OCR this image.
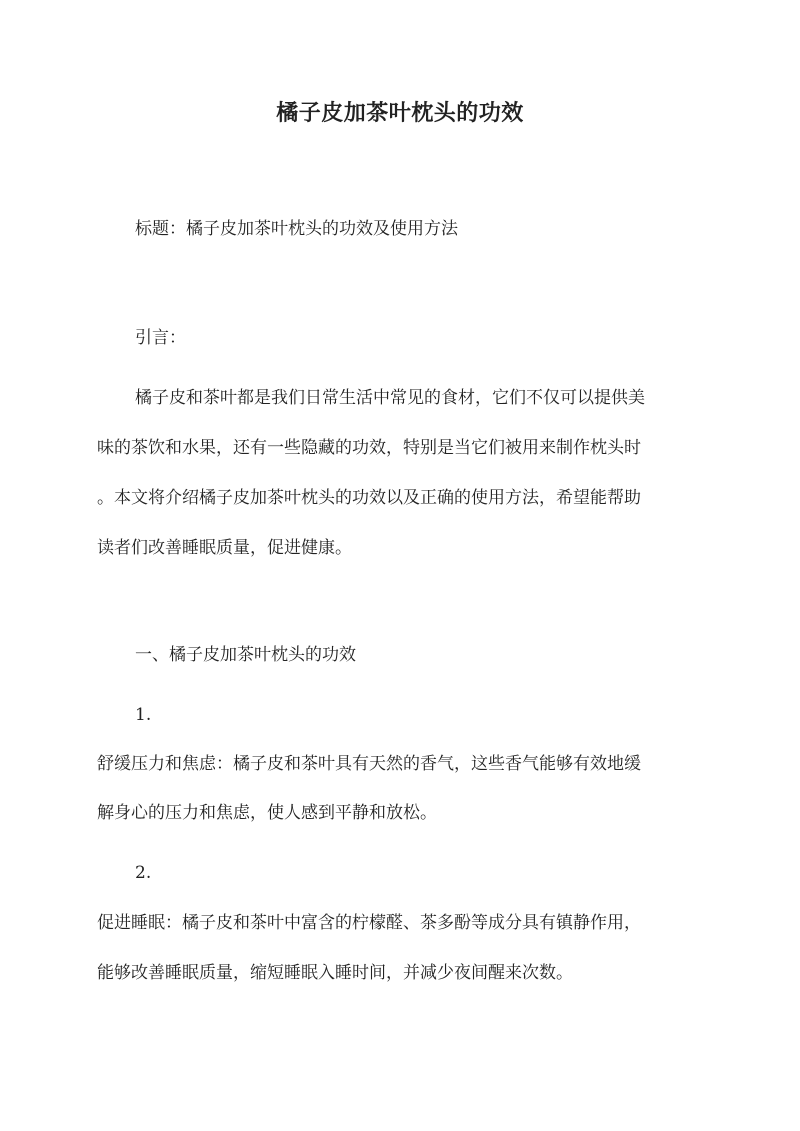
橘子皮加茶叶枕头的功效
标题：橘子皮加茶叶枕头的功效及使用方法
引言：
橘子皮和茶叶都是我们日常生活中常见的食材，它们不仅可以提供美
味的茶饮和水果，还有一些隐藏的功效，特别是当它们被用来制作枕头时
。本文将介绍橘子皮加茶叶枕头的功效以及正确的使用方法，希望能帮助
读者们改善睡眠质量，促进健康。
一、橘子皮加茶叶枕头的功效
1.
舒缓压力和焦虑：橘子皮和茶叶具有天然的香气，这些香气能够有效地缓
解身心的压力和焦虑，使人感到平静和放松。
2.
促进睡眠：橘子皮和茶叶中富含的柠檬醛、茶多酚等成分具有镇静作用，
能够改善睡眠质量，缩短睡眠入睡时间，并减少夜间醒来次数。
